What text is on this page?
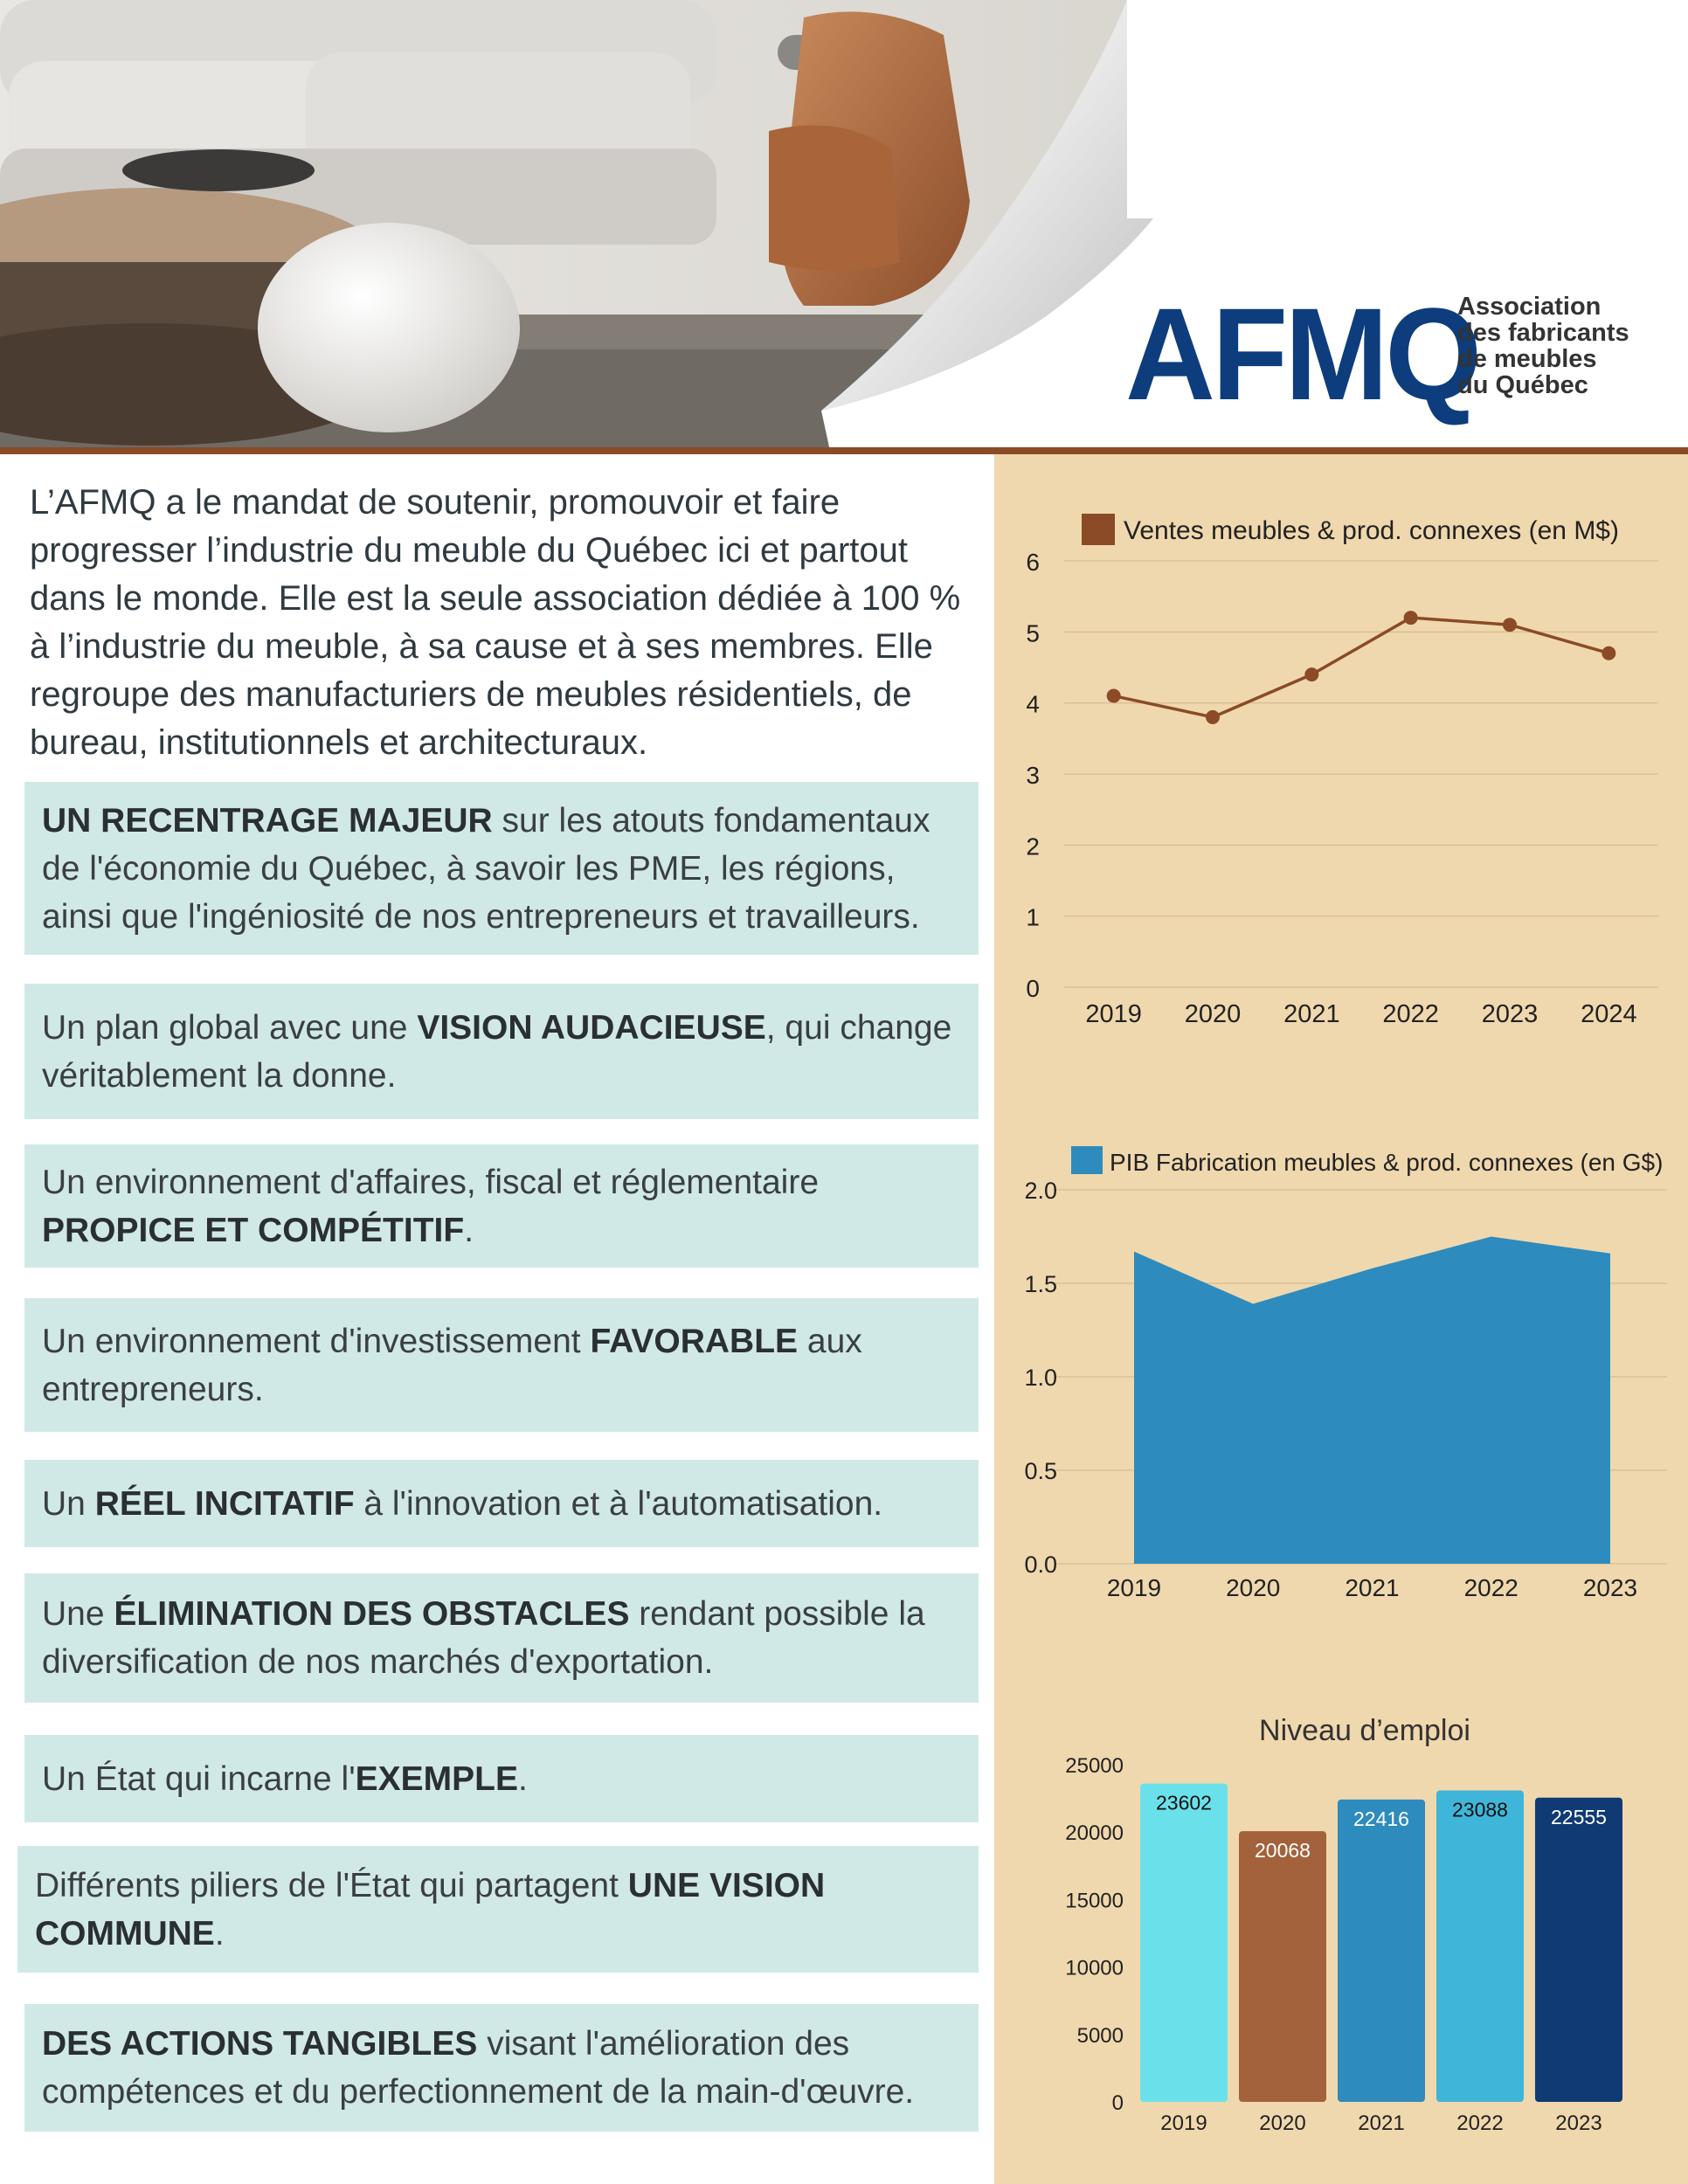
AFMQ
Association
des fabricants
de meubles
du Québec
Ventes meubles & prod. connexes (en M$)
0
1
2
3
4
5
6
2019 2020 2021 2022 2023 2024
PIB Fabrication meubles & prod. connexes (en G$)
0.0
0.5
1.0
1.5
2.0
2019	2020	2021	2022	2023
Niveau d’emploi
0
5000
10000
15000
20000
25000
23602
20068
22416 23088 22555
2019 2020 2021 2022 2023
L’AFMQ a le mandat de soutenir, promouvoir et faire progresser l’industrie du meuble du Québec ici et partout dans le monde. Elle est la seule association dédiée à 100 % à l’industrie du meuble, à sa cause et à ses membres. Elle regroupe des manufacturiers de meubles résidentiels, de bureau, institutionnels et architecturaux.
UN RECENTRAGE MAJEUR sur les atouts fondamentaux de l'économie du Québec, à savoir les PME, les régions, ainsi que l'ingéniosité de nos entrepreneurs et travailleurs.
Un plan global avec une VISION AUDACIEUSE, qui change véritablement la donne.
Un environnement d'affaires, fiscal et réglementaire PROPICE ET COMPÉTITIF.
Un environnement d'investissement FAVORABLE aux entrepreneurs.
Un RÉEL INCITATIF à l'innovation et à l'automatisation.
Une ÉLIMINATION DES OBSTACLES rendant possible la diversification de nos marchés d'exportation.
Un État qui incarne l'EXEMPLE.
Différents piliers de l'État qui partagent UNE VISION COMMUNE.
DES ACTIONS TANGIBLES visant l'amélioration des compétences et du perfectionnement de la main-d'œuvre.
